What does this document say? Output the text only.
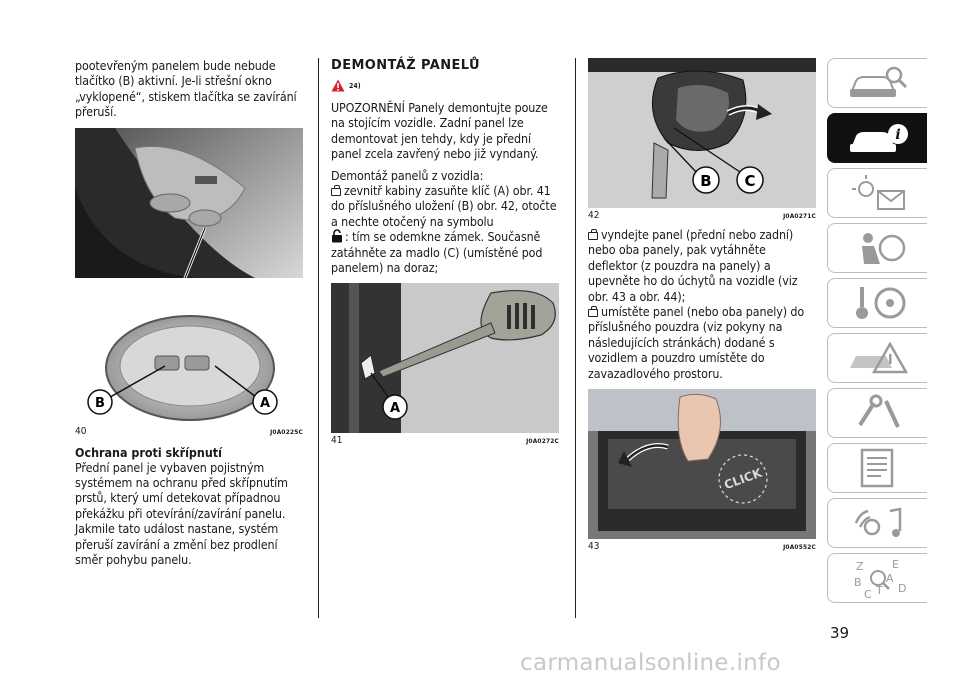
pootevřeným panelem bude nebude tlačítko (B) aktivní. Je-li střešní okno „vyklopené“, stiskem tlačítka se zavírání přeruší.

B	A
40	J0A0225C

Ochrana proti skřípnutí

Přední panel je vybaven pojistným systémem na ochranu před skřípnutím prstů, který umí detekovat případnou překážku při otevírání/zavírání panelu. Jakmile tato událost nastane, systém přeruší zavírání a změní bez prodlení směr pohybu panelu.

DEMONTÁŽ PANELŮ

24)

UPOZORNĚNÍ Panely demontujte pouze na stojícím vozidle. Zadní panel lze demontovat jen tehdy, kdy je přední panel zcela zavřený nebo již vyndaný.

Demontáž panelů z vozidla:

zevnitř kabiny zasuňte klíč (A) obr. 41 do příslušného uložení (B) obr. 42, otočte a nechte otočený na symbolu
: tím se odemkne zámek. Současně zatáhněte za madlo (C) (umístěné pod panelem) na doraz;

A
41	J0A0272C
B C
42	J0A0271C

vyndejte panel (přední nebo zadní) nebo oba panely, pak vytáhněte deflektor (z pouzdra na panely) a upevněte ho do úchytů na vozidle (viz obr. 43 a obr. 44);

umístěte panel (nebo oba panely) do příslušného pouzdra (viz pokyny na následujících stránkách) dodané s vozidlem a pouzdro umístěte do zavazadlového prostoru.

CLICK
43	J0A0552C
i
Z	E
B A
D
C T
39
carmanualsonline.info
